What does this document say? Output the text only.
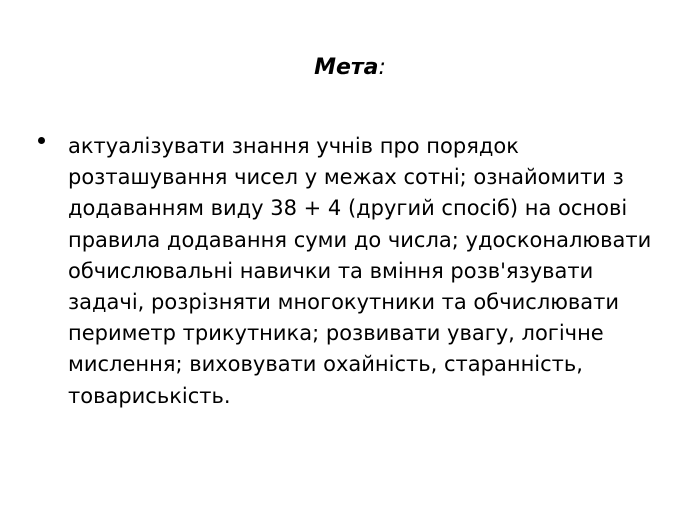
Мета:
актуалізувати знання учнів про порядок розташування чисел у межах сотні; ознайомити з додаванням виду 38 + 4 (другий спосіб) на основі правила додавання суми до числа; удосконалювати обчислювальні навички та вміння розв'язувати задачі, розрізняти многокутники та обчислювати периметр трикутника; розвивати увагу, логічне мислення; виховувати охайність, старанність, товариськість.
